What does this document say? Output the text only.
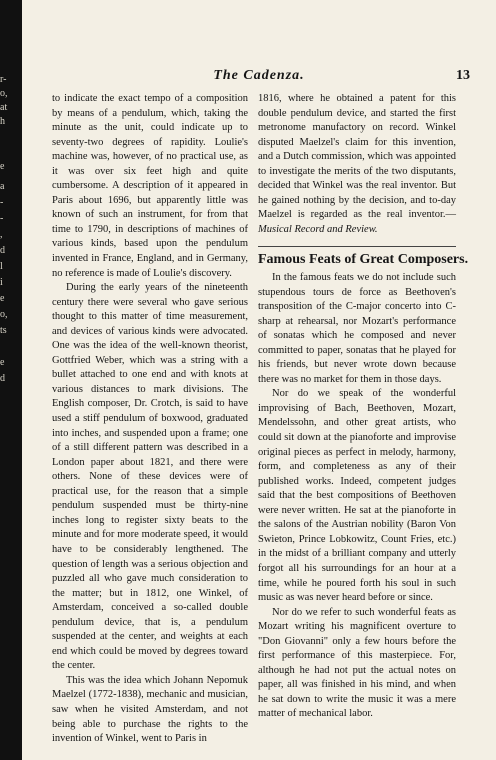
r-
o,
at
h
e
a
-
-
,
d
l
i
e
o,
ts
e
d
The Cadenza.	13

to indicate the exact tempo of a composition by means of a pendulum, which, taking the minute as the unit, could indicate up to seventy-two degrees of rapidity. Loulie's machine was, however, of no practical use, as it was over six feet high and quite cumbersome. A description of it appeared in Paris about 1696, but apparently little was known of such an instrument, for from that time to 1790, in descriptions of machines of various kinds, based upon the pendulum invented in France, England, and in Germany, no reference is made of Loulie's discovery.

During the early years of the nineteenth century there were several who gave serious thought to this matter of time measurement, and devices of various kinds were advocated. One was the idea of the well-known theorist, Gottfried Weber, which was a string with a bullet attached to one end and with knots at various distances to mark divisions. The English composer, Dr. Crotch, is said to have used a stiff pendulum of boxwood, graduated into inches, and suspended upon a frame; one of a still different pattern was described in a London paper about 1821, and there were others. None of these devices were of practical use, for the reason that a simple pendulum suspended must be thirty-nine inches long to register sixty beats to the minute and for more moderate speed, it would have to be considerably lengthened. The question of length was a serious objection and puzzled all who gave much consideration to the matter; but in 1812, one Winkel, of Amsterdam, conceived a so-called double pendulum device, that is, a pendulum suspended at the center, and weights at each end which could be moved by degrees toward the center.

This was the idea which Johann Nepomuk Maelzel (1772-1838), mechanic and musician, saw when he visited Amsterdam, and not being able to purchase the rights to the invention of Winkel, went to Paris in

1816, where he obtained a patent for this double pendulum device, and started the first metronome manufactory on record. Winkel disputed Maelzel's claim for this invention, and a Dutch commission, which was appointed to investigate the merits of the two disputants, decided that Winkel was the real inventor. But he gained nothing by the decision, and to-day Maelzel is regarded as the real inventor.—Musical Record and Review.

Famous Feats of Great Composers.

In the famous feats we do not include such stupendous tours de force as Beethoven's transposition of the C-major concerto into C-sharp at rehearsal, nor Mozart's performance of sonatas which he composed and never committed to paper, sonatas that he played for his friends, but never wrote down because there was no market for them in those days.

Nor do we speak of the wonderful improvising of Bach, Beethoven, Mozart, Mendelssohn, and other great artists, who could sit down at the pianoforte and improvise original pieces as perfect in melody, harmony, form, and completeness as any of their published works. Indeed, competent judges said that the best compositions of Beethoven were never written. He sat at the pianoforte in the salons of the Austrian nobility (Baron Von Swieton, Prince Lobkowitz, Count Fries, etc.) in the midst of a brilliant company and utterly forgot all his surroundings for an hour at a time, while he poured forth his soul in such music as was never heard before or since.

Nor do we refer to such wonderful feats as Mozart writing his magnificent overture to "Don Giovanni" only a few hours before the first performance of this masterpiece. For, although he had not put the actual notes on paper, all was finished in his mind, and when he sat down to write the music it was a mere matter of mechanical labor.
